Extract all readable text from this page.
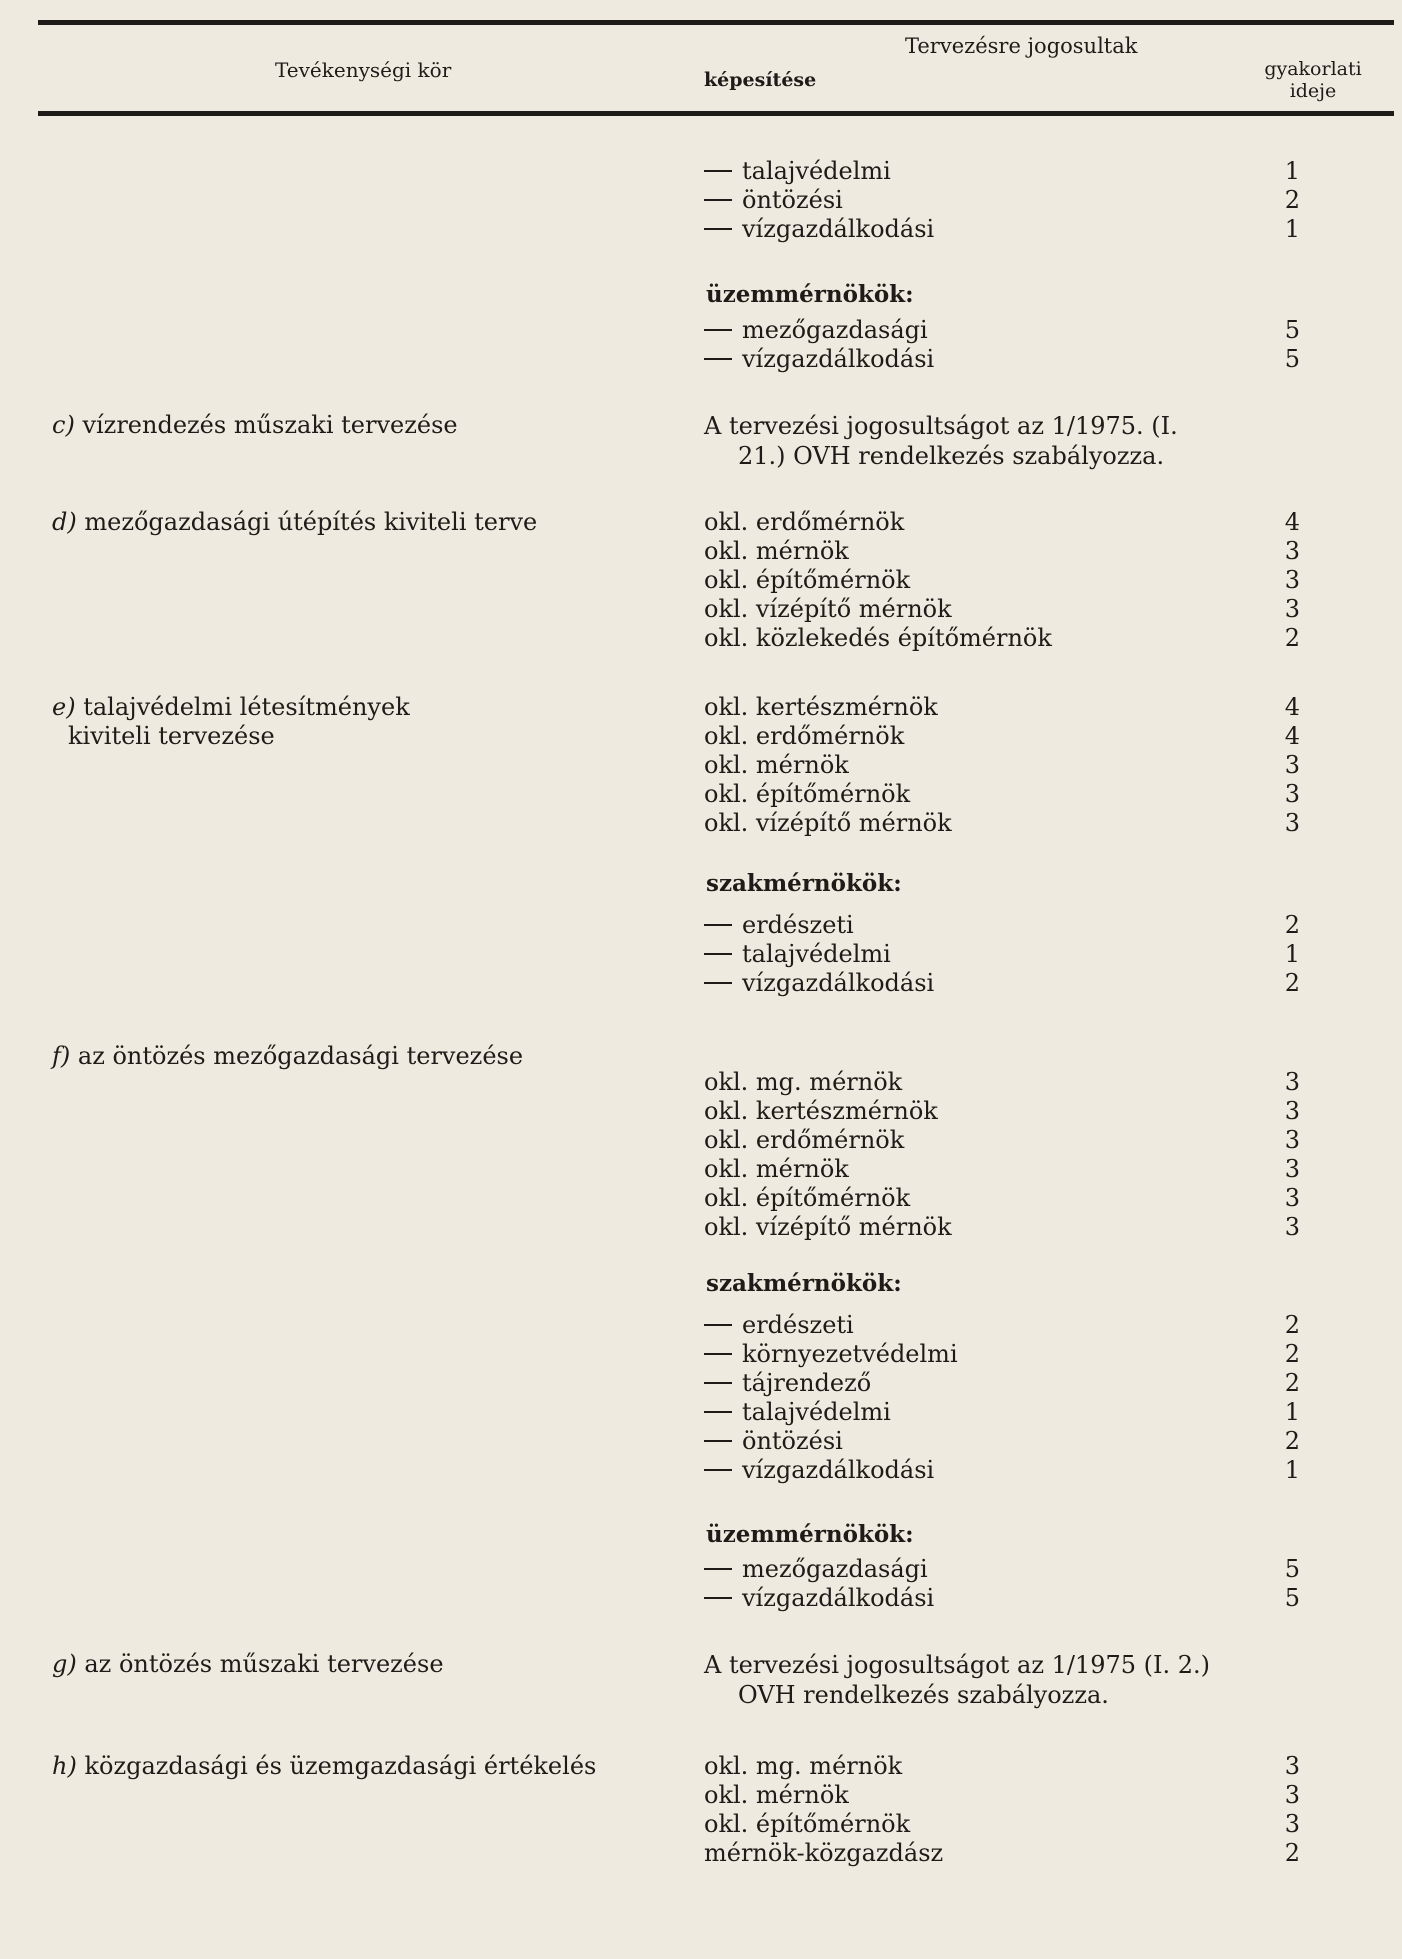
Tevékenységi kör
Tervezésre jogosultak
képesítése	gyakorlati
ideje
talajvédelmi	1
öntözési	2
vízgazdálkodási	1
üzemmérnökök:
mezőgazdasági	5
vízgazdálkodási	5
c) vízrendezés műszaki tervezése	A tervezési jogosultságot az 1/1975. (I.
21.) OVH rendelkezés szabályozza.
d) mezőgazdasági útépítés kiviteli terve	okl. erdőmérnök	4
okl. mérnök	3
okl. építőmérnök	3
okl. vízépítő mérnök	3
okl. közlekedés építőmérnök	2
e) talajvédelmi létesítmények
kiviteli tervezése
okl. kertészmérnök	4
okl. erdőmérnök	4
okl. mérnök	3
okl. építőmérnök	3
okl. vízépítő mérnök	3
szakmérnökök:
erdészeti	2
talajvédelmi	1
vízgazdálkodási	2
f) az öntözés mezőgazdasági tervezése
okl. mg. mérnök	3
okl. kertészmérnök	3
okl. erdőmérnök	3
okl. mérnök	3
okl. építőmérnök	3
okl. vízépítő mérnök	3
szakmérnökök:
erdészeti	2
környezetvédelmi	2
tájrendező	2
talajvédelmi	1
öntözési	2
vízgazdálkodási	1
üzemmérnökök:
mezőgazdasági	5
vízgazdálkodási	5
g) az öntözés műszaki tervezése	A tervezési jogosultságot az 1/1975 (I. 2.)
OVH rendelkezés szabályozza.
h) közgazdasági és üzemgazdasági értékelés	okl. mg. mérnök	3
okl. mérnök	3
okl. építőmérnök	3
mérnök-közgazdász	2
